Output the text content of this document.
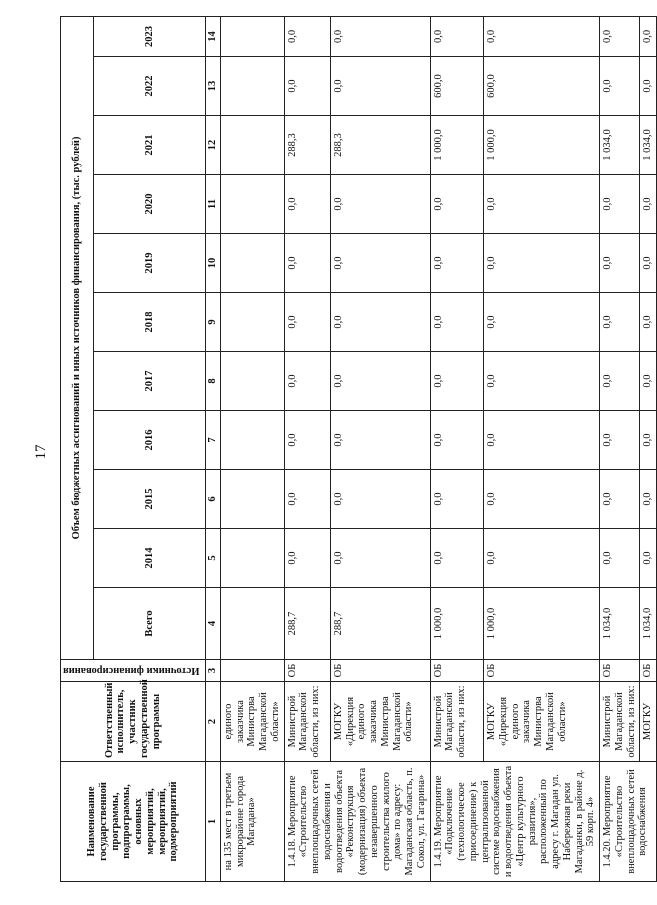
17
Наименование государственной программы, подпрограммы, основных мероприятий, мероприятий, подмероприятий	Ответственный исполнитель, участник государственной программы	Источники финансирования	Объем бюджетных ассигнований и иных источников финансирования, (тыс. рублей)										
			Всего	2014	2015	2016	2017	2018	2019	2020	2021	2022	2023
1	2	3	4	5	6	7	8	9	10	11	12	13	14
на 135 мест в третьем микрорайоне города Магадана»	единого заказчика Министрва Магаданской области»												
1.4.18. Мероприятие «Строительство внеплощадочных сетей водоснабжения и водоотведения объекта «Реконструкция (модернизация) объекта незавершенного строительства жилого дома» по адресу: Магаданская область, п. Сокол, ул. Гагарина»	Министрой Магаданской области, из них:	ОБ	288,7	0,0	0,0	0,0	0,0	0,0	0,0	0,0	288,3	0,0	0,0
	МОГКУ «Дирекция единого заказчика Министрва Магаданской области»	ОБ	288,7	0,0	0,0	0,0	0,0	0,0	0,0	0,0	288,3	0,0	0,0
1.4.19. Мероприятие «Подключение (технологическое присоединение) к централизованной системе водоснабжения и водоотведения объекта «Центр культурного развития», расположенный по адресу г. Магадан ул. Набережная реки Магаданки, в районе д. 59 корп. 4»	Министрой Магаданской области, из них:	ОБ	1 000,0	0,0	0,0	0,0	0,0	0,0	0,0	0,0	1 000,0	600,0	0,0
	МОГКУ «Дирекция единого заказчика Министрва Магаданской области»	ОБ	1 000,0	0,0	0,0	0,0	0,0	0,0	0,0	0,0	1 000,0	600,0	0,0
1.4.20. Мероприятие «Строительство внеплощадочных сетей водоснабжения	Министрой Магаданской области, из них:	ОБ	1 034,0	0,0	0,0	0,0	0,0	0,0	0,0	0,0	1 034,0	0,0	0,0
	МОГКУ	ОБ	1 034,0	0,0	0,0	0,0	0,0	0,0	0,0	0,0	1 034,0	0,0	0,0
